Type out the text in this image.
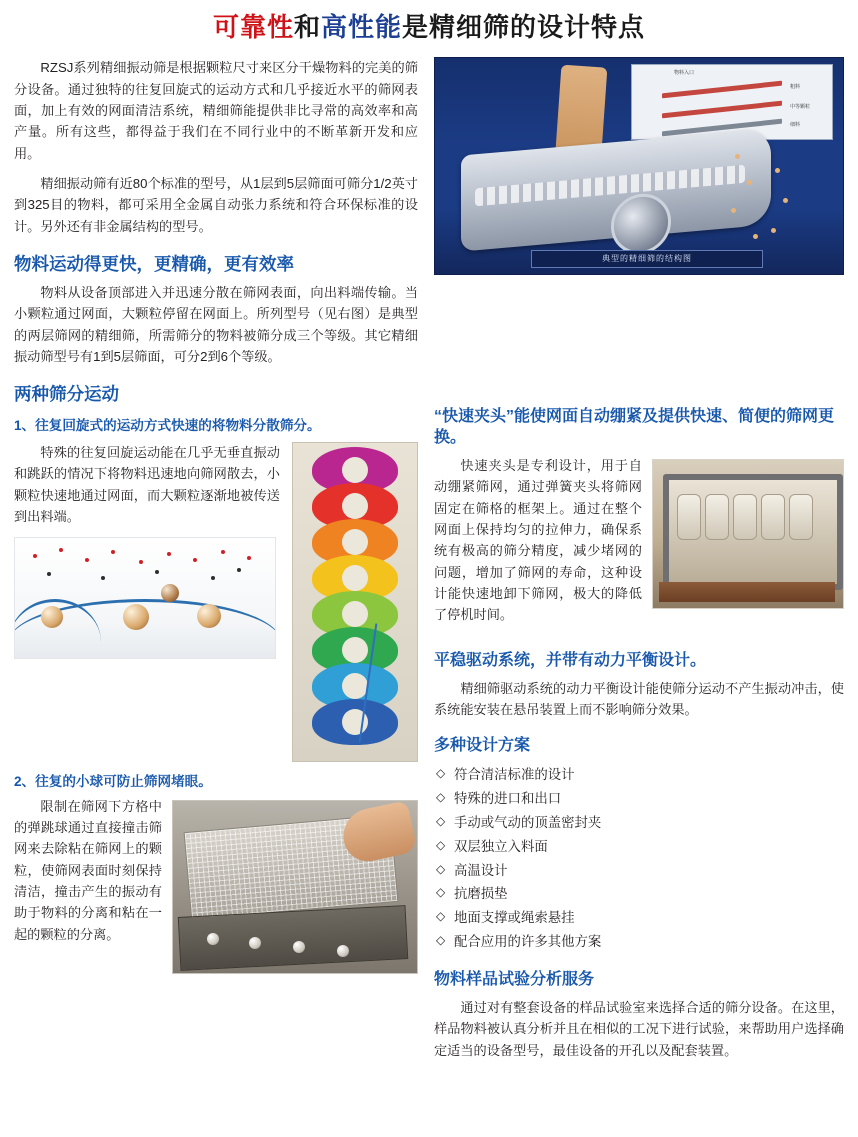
可靠性和高性能是精细筛的设计特点

RZSJ系列精细振动筛是根据颗粒尺寸来区分干燥物料的完美的筛分设备。通过独特的往复回旋式的运动方式和几乎接近水平的筛网表面，加上有效的网面清洁系统，精细筛能提供非比寻常的高效率和高产量。所有这些，都得益于我们在不同行业中的不断革新开发和应用。

精细振动筛有近80个标准的型号，从1层到5层筛面可筛分1/2英寸到325目的物料，都可采用全金属自动张力系统和符合环保标准的设计。另外还有非金属结构的型号。

物料运动得更快，更精确，更有效率

物料从设备顶部进入并迅速分散在筛网表面，向出料端传输。当小颗粒通过网面，大颗粒停留在网面上。所列型号（见右图）是典型的两层筛网的精细筛，所需筛分的物料被筛分成三个等级。其它精细振动筛型号有1到5层筛面，可分2到6个等级。

两种筛分运动
1、往复回旋式的运动方式快速的将物料分散筛分。

特殊的往复回旋运动能在几乎无垂直振动和跳跃的情况下将物料迅速地向筛网散去，小颗粒快速地通过网面，而大颗粒逐渐地被传送到出料端。

2、往复的小球可防止筛网堵眼。

限制在筛网下方格中的弹跳球通过直接撞击筛网来去除粘在筛网上的颗粒，使筛网表面时刻保持清洁，撞击产生的振动有助于物料的分离和粘在一起的颗粒的分离。

物料入口
粗料
中等颗粒
细料
典型的精细筛的结构图
“快速夹头”能使网面自动绷紧及提供快速、简便的筛网更换。

快速夹头是专利设计，用于自动绷紧筛网，通过弹簧夹头将筛网固定在筛格的框架上。通过在整个网面上保持均匀的拉伸力，确保系统有极高的筛分精度，减少堵网的问题，增加了筛网的寿命，这种设计能快速地卸下筛网，极大的降低了停机时间。

平稳驱动系统，并带有动力平衡设计。

精细筛驱动系统的动力平衡设计能使筛分运动不产生振动冲击，使系统能安装在悬吊装置上而不影响筛分效果。

多种设计方案
◇ 符合清洁标准的设计
◇ 特殊的进口和出口
◇ 手动或气动的顶盖密封夹
◇ 双层独立入料面
◇ 高温设计
◇ 抗磨损垫
◇ 地面支撑或绳索悬挂
◇ 配合应用的许多其他方案
物料样品试验分析服务

通过对有整套设备的样品试验室来选择合适的筛分设备。在这里，样品物料被认真分析并且在相似的工况下进行试验，来帮助用户选择确定适当的设备型号，最佳设备的开孔以及配套装置。
